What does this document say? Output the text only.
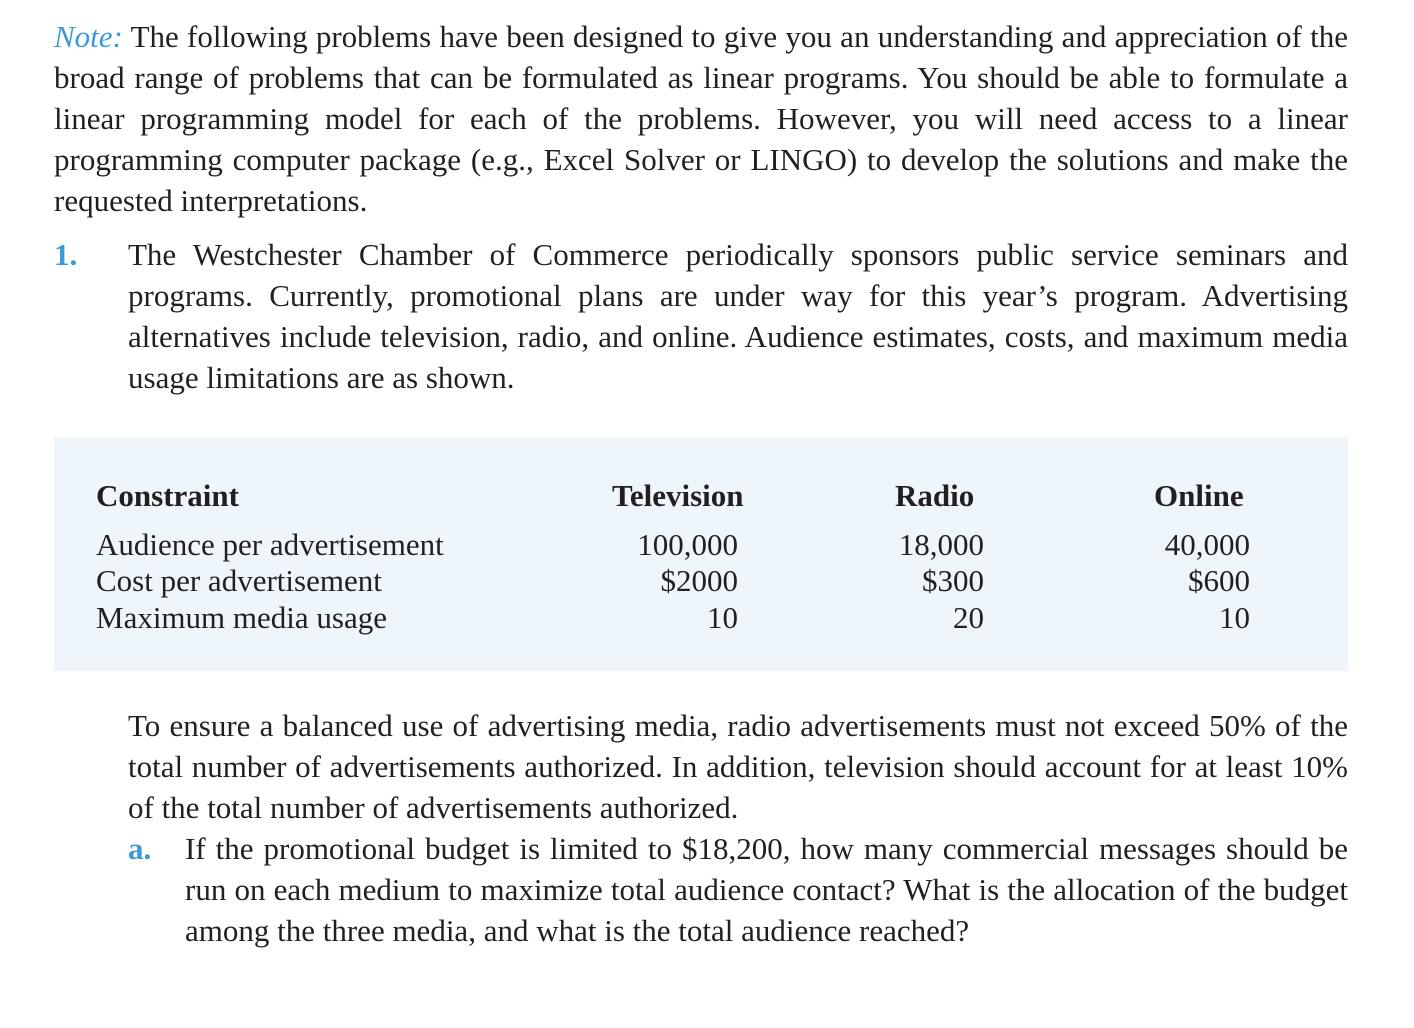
Note: The following problems have been designed to give you an understanding and appreciation of the broad range of problems that can be formulated as linear programs. You should be able to formulate a linear programming model for each of the problems. However, you will need access to a linear programming computer package (e.g., Excel Solver or LINGO) to develop the solutions and make the requested interpretations.

1. The Westchester Chamber of Commerce periodically sponsors public service seminars and programs. Currently, promotional plans are under way for this year’s program. Advertising alternatives include television, radio, and online. Audience estimates, costs, and maximum media usage limitations are as shown.

Constraint	Television	Radio	Online
Audience per advertisement	100,000	18,000	40,000
Cost per advertisement	$2000	$300	$600
Maximum media usage	10	20	10

To ensure a balanced use of advertising media, radio advertisements must not exceed 50% of the total number of advertisements authorized. In addition, television should account for at least 10% of the total number of advertisements authorized.

a. If the promotional budget is limited to $18,200, how many commercial messages should be run on each medium to maximize total audience contact? What is the allocation of the budget among the three media, and what is the total audience reached?
